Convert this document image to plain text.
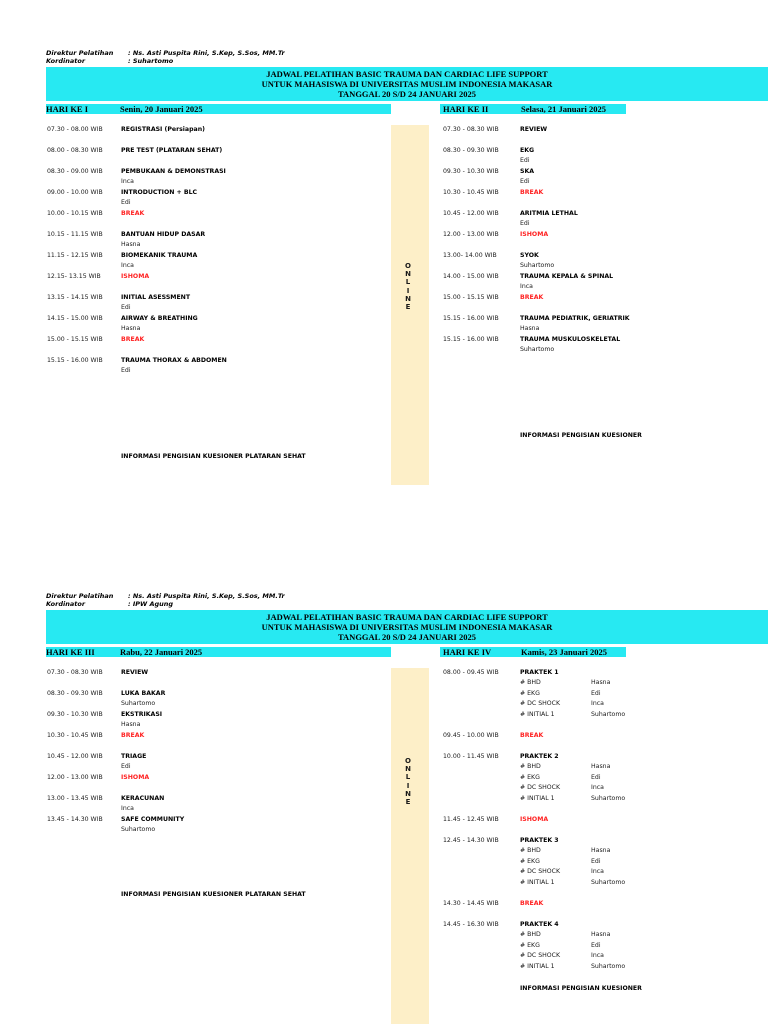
Direktur Pelatihan : Ns. Asti Puspita Rini, S.Kep, S.Sos, MM.Tr
Kordinator	: Suhartomo
JADWAL PELATIHAN BASIC TRAUMA DAN CARDIAC LIFE SUPPORT
UNTUK MAHASISWA DI UNIVERSITAS MUSLIM INDONESIA MAKASAR
TANGGAL 20 S/D 24 JANUARI 2025
O
N
L
I
N
E
HARI KE I	Senin, 20 Januari 2025	HARI KE II	Selasa, 21 Januari 2025
07.30 - 08.00 WIB	REGISTRASI (Persiapan)
08.00 - 08.30 WIB	PRE TEST (PLATARAN SEHAT)
08.30 - 09.00 WIB	PEMBUKAAN & DEMONSTRASI
Inca
09.00 - 10.00 WIB	INTRODUCTION + BLC
Edi
10.00 - 10.15 WIB	BREAK
10.15 - 11.15 WIB	BANTUAN HIDUP DASAR
Hasna
11.15 - 12.15 WIB	BIOMEKANIK TRAUMA
Inca
12.15- 13.15 WIB	ISHOMA
13.15 - 14.15 WIB	INITIAL ASESSMENT
Edi
14.15 - 15.00 WIB	AIRWAY & BREATHING
Hasna
15.00 - 15.15 WIB	BREAK
15.15 - 16.00 WIB	TRAUMA THORAX & ABDOMEN
Edi
INFORMASI PENGISIAN KUESIONER PLATARAN SEHAT
07.30 - 08.30 WIB	REVIEW
08.30 - 09.30 WIB	EKG
Edi
09.30 - 10.30 WIB	SKA
Edi
10.30 - 10.45 WIB	BREAK
10.45 - 12.00 WIB	ARITMIA LETHAL
Edi
12.00 - 13.00 WIB	ISHOMA
13.00- 14.00 WIB	SYOK
Suhartomo
14.00 - 15.00 WIB	TRAUMA KEPALA & SPINAL
Inca
15.00 - 15.15 WIB	BREAK
15.15 - 16.00 WIB	TRAUMA PEDIATRIK, GERIATRIK
Hasna
15.15 - 16.00 WIB	TRAUMA MUSKULOSKELETAL
Suhartomo
INFORMASI PENGISIAN KUESIONER
Direktur Pelatihan : Ns. Asti Puspita Rini, S.Kep, S.Sos, MM.Tr
Kordinator	: IPW Agung
JADWAL PELATIHAN BASIC TRAUMA DAN CARDIAC LIFE SUPPORT
UNTUK MAHASISWA DI UNIVERSITAS MUSLIM INDONESIA MAKASAR
TANGGAL 20 S/D 24 JANUARI 2025
O
N
L
I
N
E
HARI KE III	Rabu, 22 Januari 2025	HARI KE IV	Kamis, 23 Januari 2025
07.30 - 08.30 WIB	REVIEW
08.30 - 09.30 WIB	LUKA BAKAR
Suhartomo
09.30 - 10.30 WIB	EKSTRIKASI
Hasna
10.30 - 10.45 WIB	BREAK
10.45 - 12.00 WIB	TRIAGE
Edi
12.00 - 13.00 WIB	ISHOMA
13.00 - 13.45 WIB	KERACUNAN
Inca
13.45 - 14.30 WIB	SAFE COMMUNITY
Suhartomo
INFORMASI PENGISIAN KUESIONER PLATARAN SEHAT
08.00 - 09.45 WIB	PRAKTEK 1
# BHD	Hasna
# EKG	Edi
# DC SHOCK	Inca
# INITIAL 1	Suhartomo
09.45 - 10.00 WIB	BREAK
10.00 - 11.45 WIB	PRAKTEK 2
# BHD	Hasna
# EKG	Edi
# DC SHOCK	Inca
# INITIAL 1	Suhartomo
11.45 - 12.45 WIB	ISHOMA
12.45 - 14.30 WIB	PRAKTEK 3
# BHD	Hasna
# EKG	Edi
# DC SHOCK	Inca
# INITIAL 1	Suhartomo
14.30 - 14.45 WIB	BREAK
14.45 - 16.30 WIB	PRAKTEK 4
# BHD	Hasna
# EKG	Edi
# DC SHOCK	Inca
# INITIAL 1	Suhartomo
INFORMASI PENGISIAN KUESIONER
